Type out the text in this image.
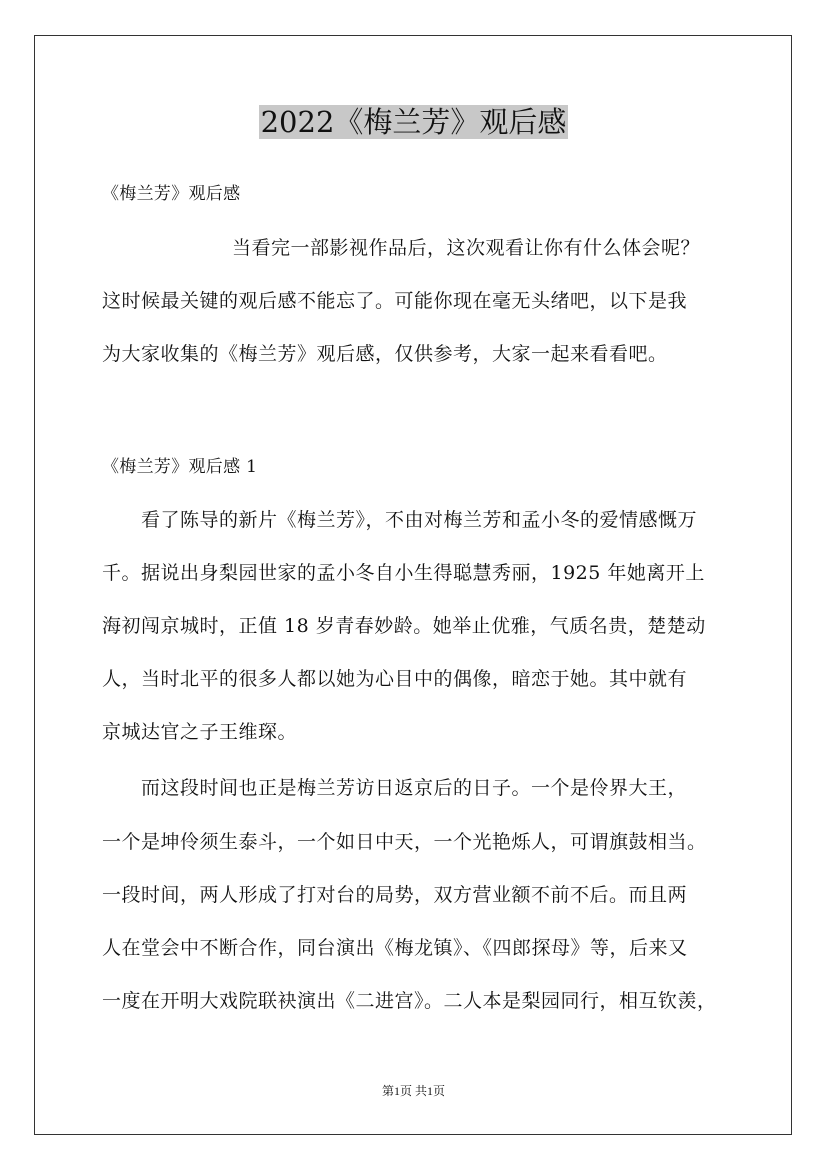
2022《梅兰芳》观后感
《梅兰芳》观后感
当看完一部影视作品后，这次观看让你有什么体会呢？
这时候最关键的观后感不能忘了。可能你现在毫无头绪吧，以下是我
为大家收集的《梅兰芳》观后感，仅供参考，大家一起来看看吧。
《梅兰芳》观后感 1
看了陈导的新片《梅兰芳》，不由对梅兰芳和孟小冬的爱情感慨万
千。据说出身梨园世家的孟小冬自小生得聪慧秀丽，1925 年她离开上
海初闯京城时，正值 18 岁青春妙龄。她举止优雅，气质名贵，楚楚动
人，当时北平的很多人都以她为心目中的偶像，暗恋于她。其中就有
京城达官之子王维琛。
而这段时间也正是梅兰芳访日返京后的日子。一个是伶界大王，
一个是坤伶须生泰斗，一个如日中天，一个光艳烁人，可谓旗鼓相当。
一段时间，两人形成了打对台的局势，双方营业额不前不后。而且两
人在堂会中不断合作，同台演出《梅龙镇》、《四郎探母》等，后来又
一度在开明大戏院联袂演出《二进宫》。二人本是梨园同行，相互钦羡，
第1页 共1页
